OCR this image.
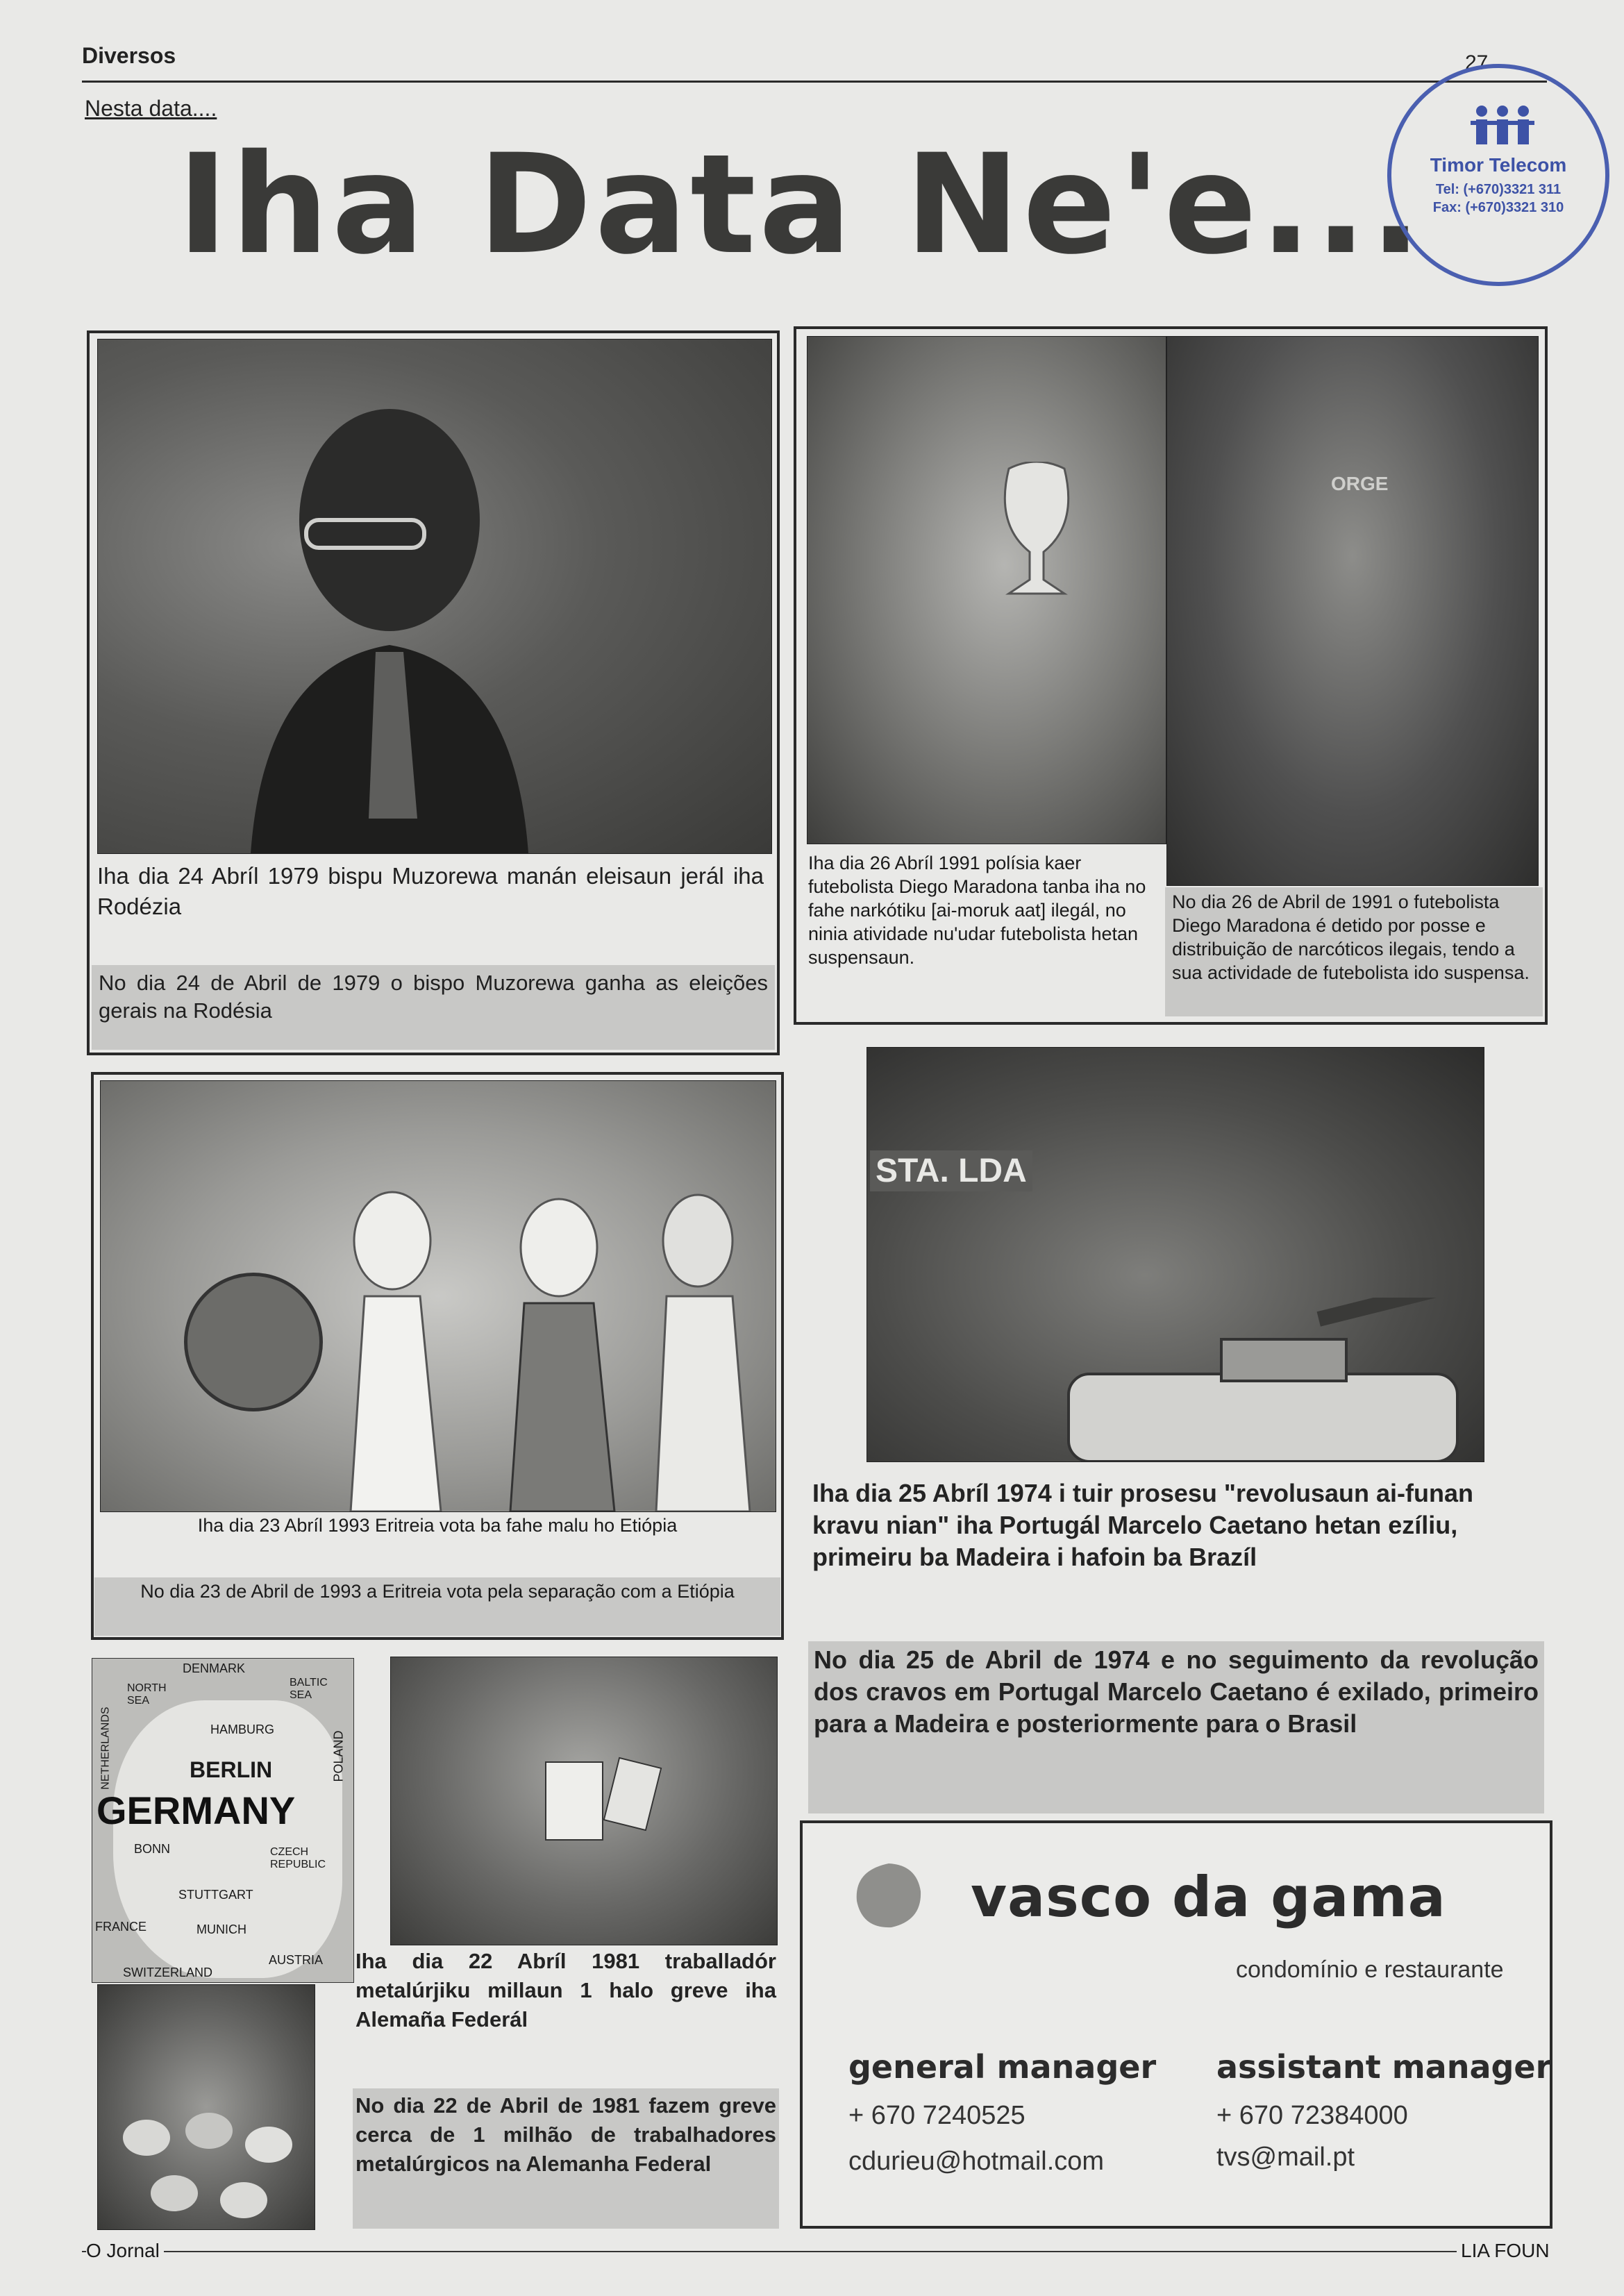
Diversos	27
Nesta data....
Iha Data Ne'e... Timor Telecom
Tel: (+670)3321 311
Fax: (+670)3321 310
Iha dia 24 Abríl 1979 bispu Muzorewa manán eleisaun jerál iha Rodézia
No dia 24 de Abril de 1979 o bispo Muzorewa ganha as eleições gerais na Rodésia
ORGE
Iha dia 26 Abríl 1991 polísia kaer futebolista Diego Maradona tanba iha no fahe narkótiku [ai-moruk aat] ilegál, no ninia atividade nu'udar futebolista hetan suspensaun.
No dia 26 de Abril de 1991 o futebolista Diego Maradona é detido por posse e distribuição de narcóticos ilegais, tendo a sua actividade de futebolista ido suspensa.
Iha dia 23 Abríl 1993 Eritreia vota ba fahe malu ho Etiópia
No dia 23 de Abril de 1993 a Eritreia vota pela separação com a Etiópia
STA. LDA
Iha dia 25 Abríl 1974 i tuir prosesu "revolusaun ai-funan kravu nian" iha Portugál Marcelo Caetano hetan ezíliu, primeiru ba Madeira i hafoin ba Brazíl
No dia 25 de Abril de 1974 e no seguimento da revolução dos cravos em Portugal Marcelo Caetano é exilado, primeiro para a Madeira e posteriormente para o Brasil
DENMARK
NORTH SEA
BALTIC SEA
HAMBURG
BERLIN
GERMANY
NETHERLANDS	POLAND
BONN	CZECH REPUBLIC
STUTTGART
FRANCE	MUNICH
AUSTRIA
SWITZERLAND	Iha dia 22 Abríl 1981 traballadór metalúrjiku millaun 1 halo greve iha Alemaña Federál
No dia 22 de Abril de 1981 fazem greve cerca de 1 milhão de trabalhadores metalúrgicos na Alemanha Federal
vasco da gama
condomínio e restaurante
general manager
+ 670 7240525
cdurieu@hotmail.com
assistant manager
+ 670 72384000
tvs@mail.pt
O Jornal	LIA FOUN
